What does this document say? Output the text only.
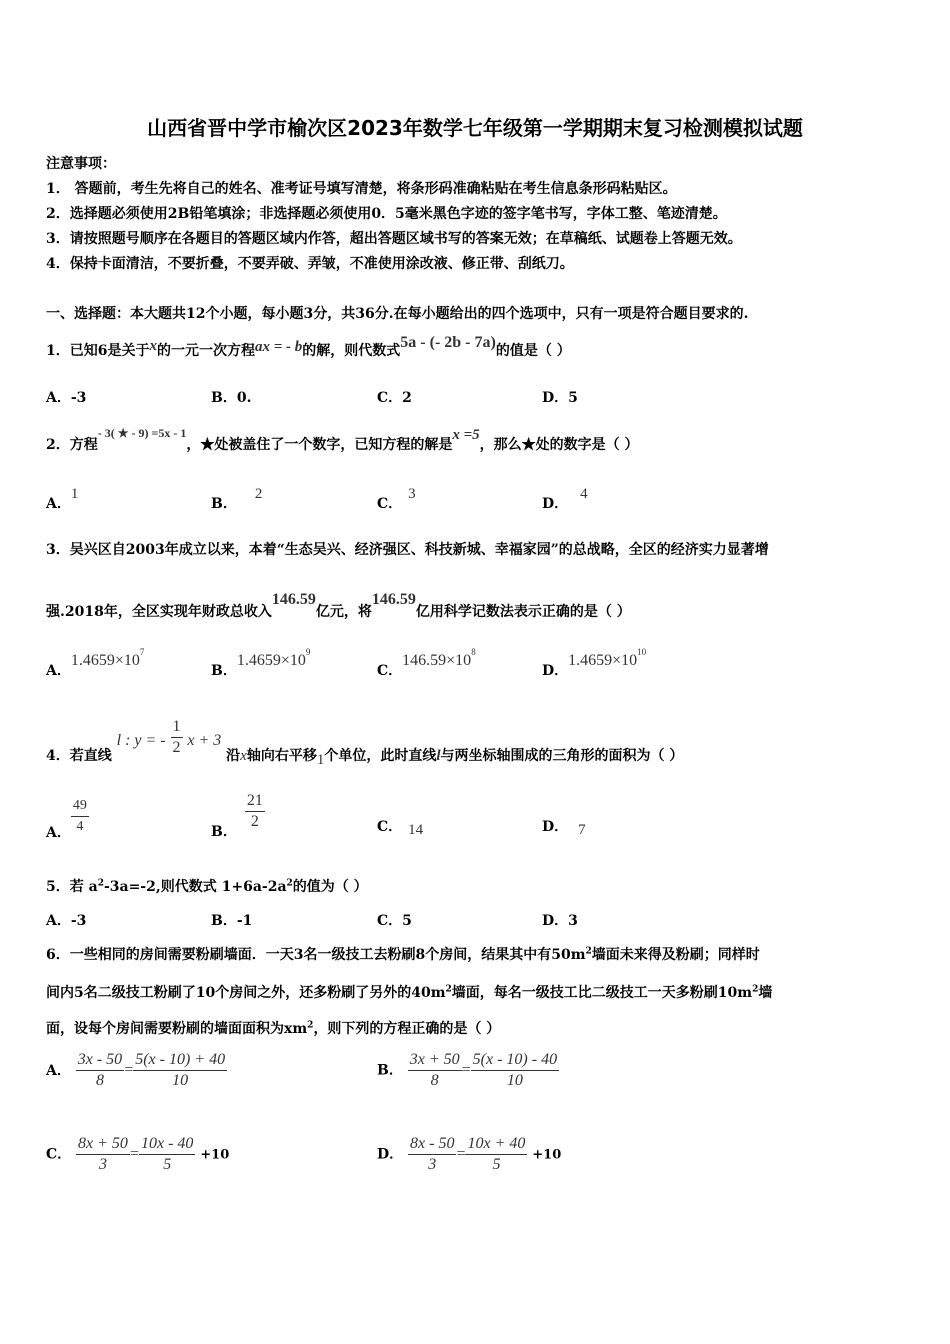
山西省晋中学市榆次区2023年数学七年级第一学期期末复习检测模拟试题
注意事项：
1． 答题前，考生先将自己的姓名、准考证号填写清楚，将条形码准确粘贴在考生信息条形码粘贴区。
2．选择题必须使用2B铅笔填涂；非选择题必须使用0．5毫米黑色字迹的签字笔书写，字体工整、笔迹清楚。
3．请按照题号顺序在各题目的答题区域内作答，超出答题区域书写的答案无效；在草稿纸、试题卷上答题无效。
4．保持卡面清洁，不要折叠，不要弄破、弄皱，不准使用涂改液、修正带、刮纸刀。
一、选择题：本大题共12个小题，每小题3分，共36分.在每小题给出的四个选项中，只有一项是符合题目要求的.
1．已知6是关于x的一元一次方程ax = - b的解，则代数式5a - (- 2b - 7a)的值是（ ）
A．-3	B．0.	C．2	D．5
2．方程- 3( ★ - 9) =5x - 1，★处被盖住了一个数字，已知方程的解是x =5，那么★处的数字是（ ）
A．1
B．2
C．3
D．4
3．吴兴区自2003年成立以来，本着“生态吴兴、经济强区、科技新城、幸福家园”的总战略，全区的经济实力显著增
强.2018年，全区实现年财政总收入146.59亿元，将146.59亿用科学记数法表示正确的是（ ）
A．$1.4659\times 10^7$
B．$1.4659\times 10^9$
C．$146.59\times 10^8$
D．$1.4659\times 10^{10}$
4．若直线 l : y = - $\frac{1}{2}$ x + 3 沿x轴向右平移1个单位，此时直线l与两坐标轴围成的三角形的面积为（ ）
A． $\frac{49}{4}$	B． $\frac{21}{2}$	C． 14	D． 7
5．若 $a^2-3a=-2$,则代数式 $1+6a-2a^2$的值为（ ）
A．-3	B．-1	C．5	D．3
6．一些相同的房间需要粉刷墙面．一天3名一级技工去粉刷8个房间，结果其中有$50m^2$墙面未来得及粉刷；同样时
间内5名二级技工粉刷了10个房间之外，还多粉刷了另外的$40m^2$墙面，每名一级技工比二级技工一天多粉刷$10m^2$墙
面，设每个房间需要粉刷的墙面面积为$xm^2$，则下列的方程正确的是（ ）
A． $\frac{3x - 50}{8} = \frac{5(x - 10) + 40}{10}$	B． $\frac{3x + 50}{8} = \frac{5(x - 10) - 40}{10}$
C． $\frac{8x + 50}{3} = \frac{10x - 40}{5} +10$	D． $\frac{8x - 50}{3} = \frac{10x + 40}{5} +10$
